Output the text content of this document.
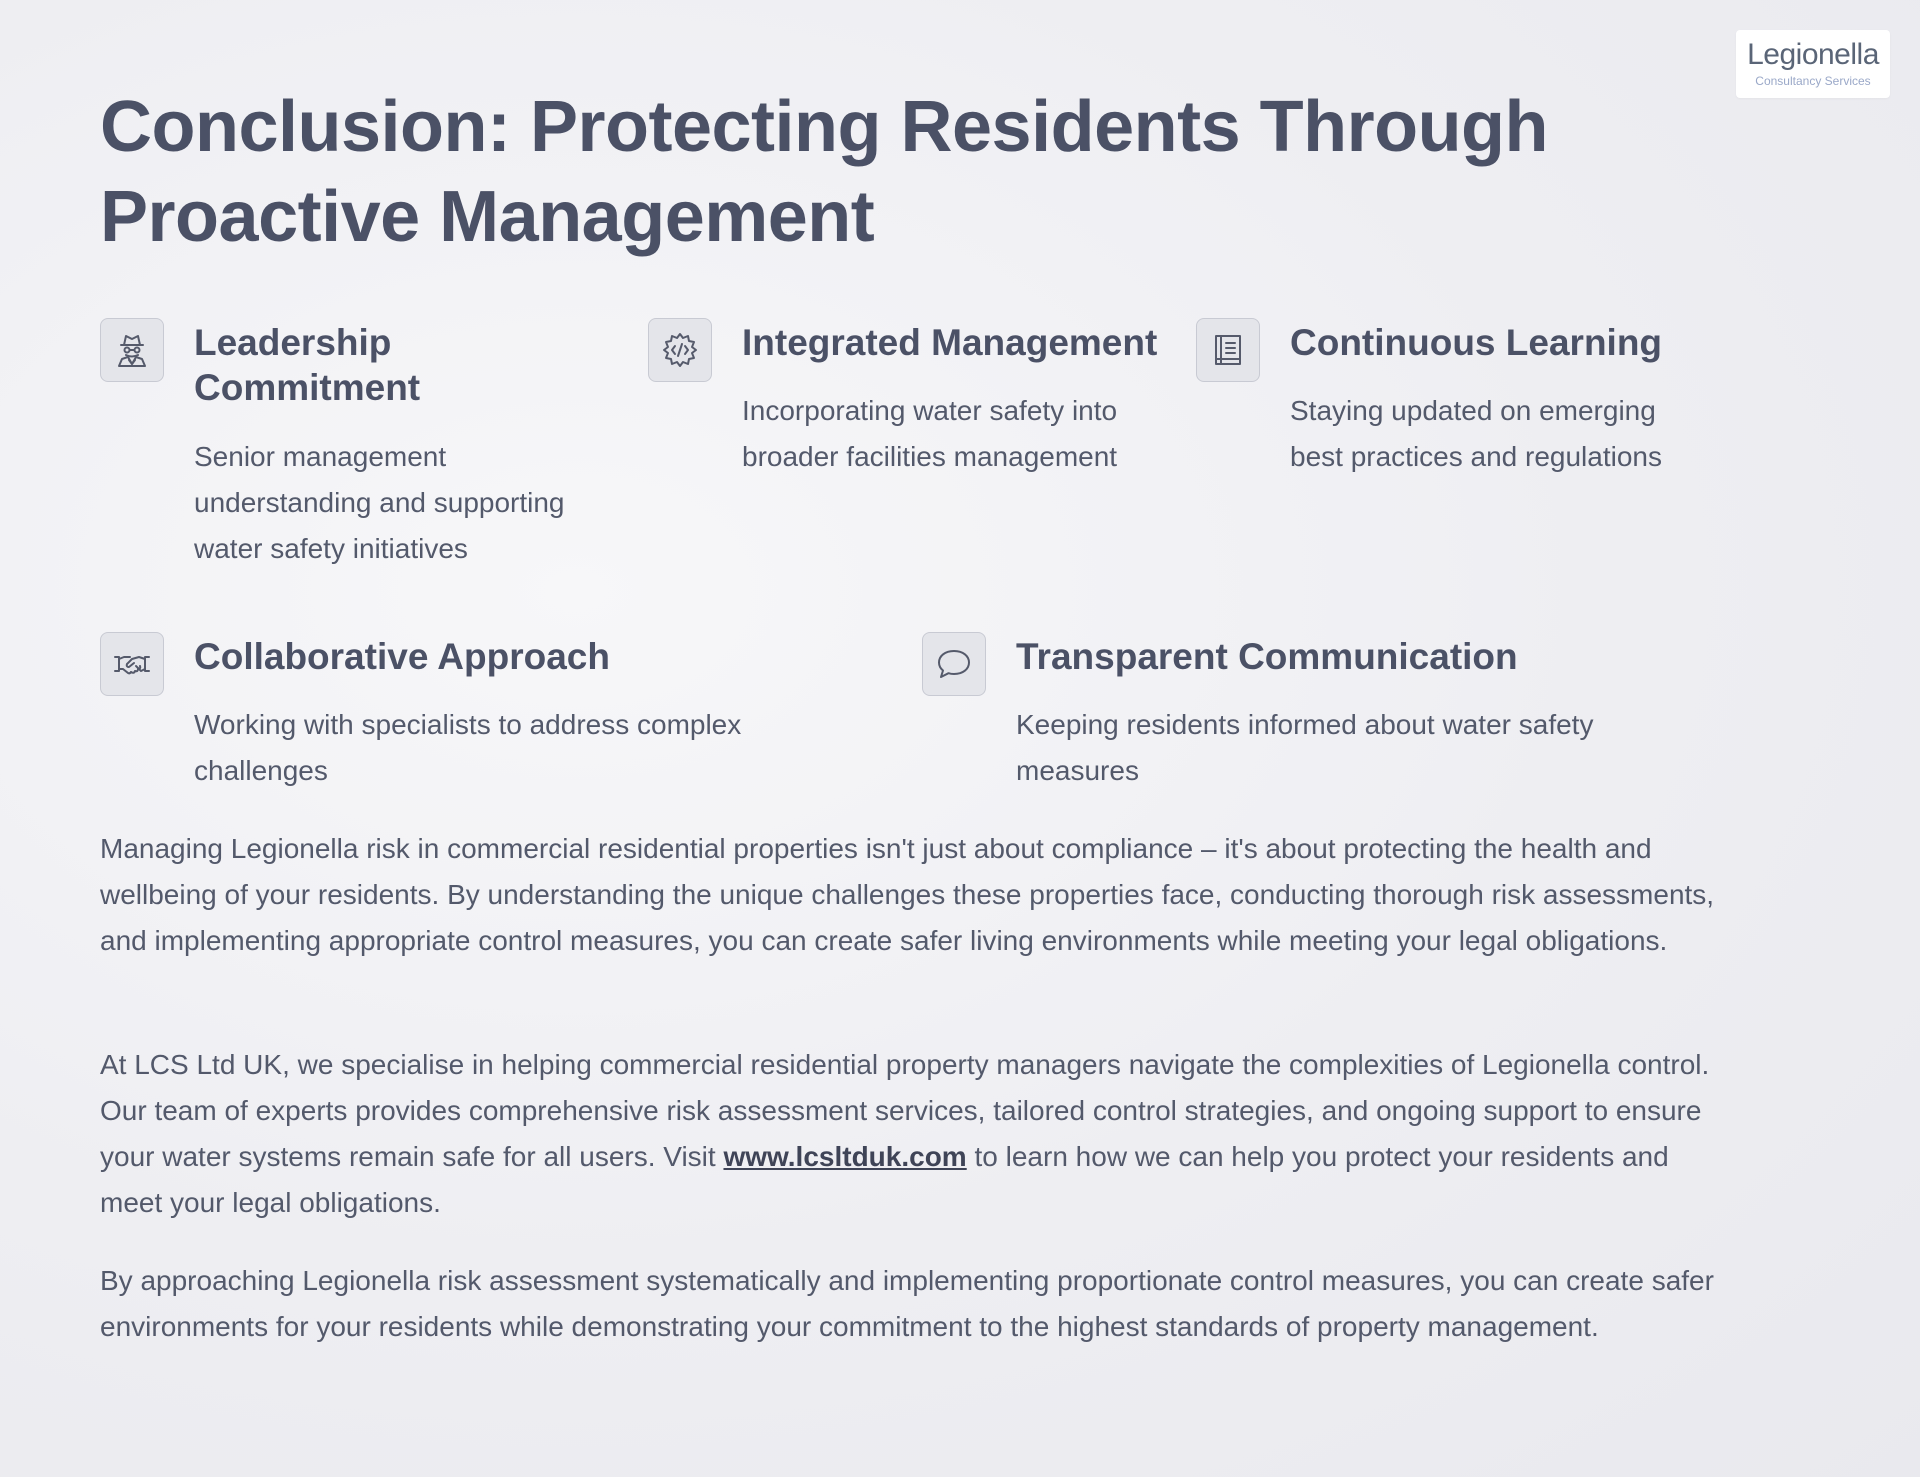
Legionella
Consultancy Services
Conclusion: Protecting Residents Through Proactive Management
Leadership Commitment

Senior management understanding and supporting water safety initiatives

Integrated Management

Incorporating water safety into broader facilities management

Continuous Learning

Staying updated on emerging best practices and regulations

Collaborative Approach

Working with specialists to address complex challenges

Transparent Communication

Keeping residents informed about water safety measures

Managing Legionella risk in commercial residential properties isn't just about compliance – it's about protecting the health and wellbeing of your residents. By understanding the unique challenges these properties face, conducting thorough risk assessments, and implementing appropriate control measures, you can create safer living environments while meeting your legal obligations.

At LCS Ltd UK, we specialise in helping commercial residential property managers navigate the complexities of Legionella control. Our team of experts provides comprehensive risk assessment services, tailored control strategies, and ongoing support to ensure your water systems remain safe for all users. Visit www.lcsltduk.com to learn how we can help you protect your residents and meet your legal obligations.

By approaching Legionella risk assessment systematically and implementing proportionate control measures, you can create safer environments for your residents while demonstrating your commitment to the highest standards of property management.
